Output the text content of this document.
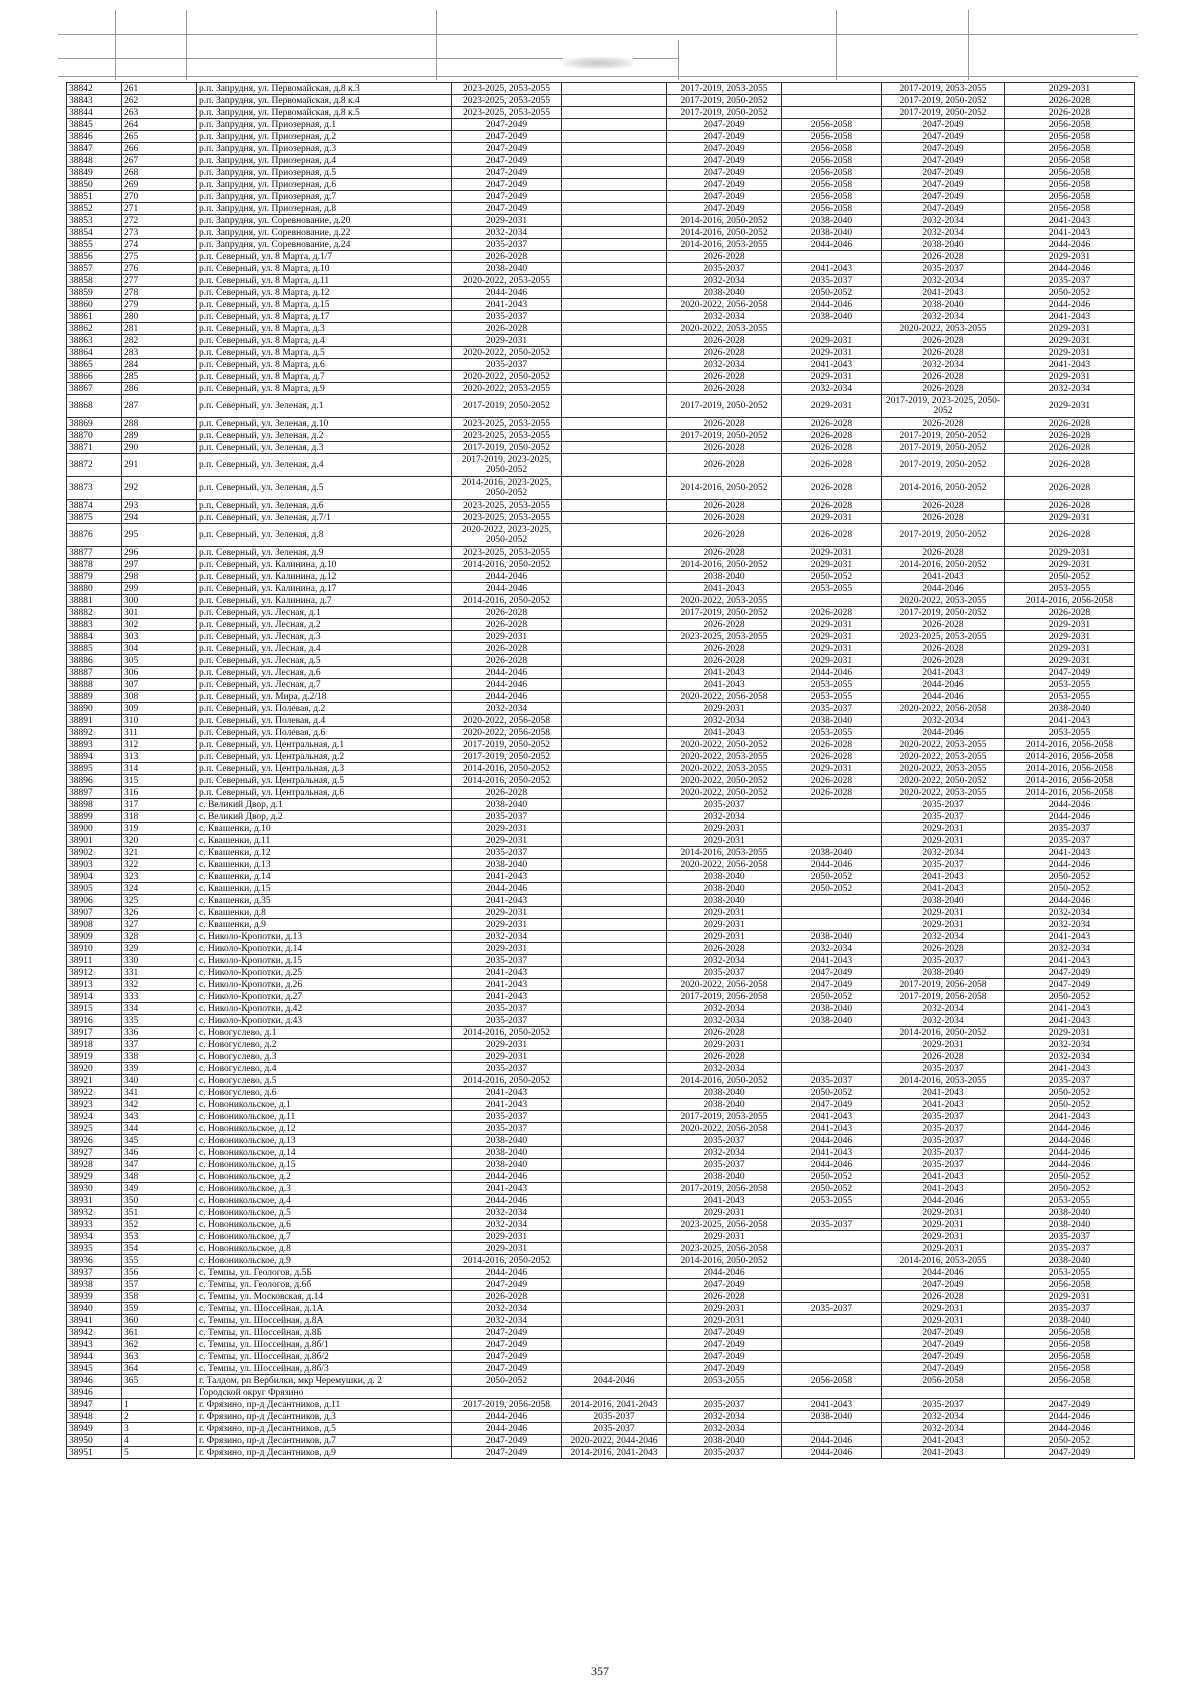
38842	261	р.п. Запрудня, ул. Первомайская, д.8 к.3	2023-2025, 2053-2055		2017-2019, 2053-2055		2017-2019, 2053-2055	2029-2031
38843	262	р.п. Запрудня, ул. Первомайская, д.8 к.4	2023-2025, 2053-2055		2017-2019, 2050-2052		2017-2019, 2050-2052	2026-2028
38844	263	р.п. Запрудня, ул. Первомайская, д.8 к.5	2023-2025, 2053-2055		2017-2019, 2050-2052		2017-2019, 2050-2052	2026-2028
38845	264	р.п. Запрудня, ул. Приозерная, д.1	2047-2049		2047-2049	2056-2058	2047-2049	2056-2058
38846	265	р.п. Запрудня, ул. Приозерная, д.2	2047-2049		2047-2049	2056-2058	2047-2049	2056-2058
38847	266	р.п. Запрудня, ул. Приозерная, д.3	2047-2049		2047-2049	2056-2058	2047-2049	2056-2058
38848	267	р.п. Запрудня, ул. Приозерная, д.4	2047-2049		2047-2049	2056-2058	2047-2049	2056-2058
38849	268	р.п. Запрудня, ул. Приозерная, д.5	2047-2049		2047-2049	2056-2058	2047-2049	2056-2058
38850	269	р.п. Запрудня, ул. Приозерная, д.6	2047-2049		2047-2049	2056-2058	2047-2049	2056-2058
38851	270	р.п. Запрудня, ул. Приозерная, д.7	2047-2049		2047-2049	2056-2058	2047-2049	2056-2058
38852	271	р.п. Запрудня, ул. Приозерная, д.8	2047-2049		2047-2049	2056-2058	2047-2049	2056-2058
38853	272	р.п. Запрудня, ул. Соревнование, д.20	2029-2031		2014-2016, 2050-2052	2038-2040	2032-2034	2041-2043
38854	273	р.п. Запрудня, ул. Соревнование, д.22	2032-2034		2014-2016, 2050-2052	2038-2040	2032-2034	2041-2043
38855	274	р.п. Запрудня, ул. Соревнование, д.24	2035-2037		2014-2016, 2053-2055	2044-2046	2038-2040	2044-2046
38856	275	р.п. Северный, ул. 8 Марта, д.1/7	2026-2028		2026-2028		2026-2028	2029-2031
38857	276	р.п. Северный, ул. 8 Марта, д.10	2038-2040		2035-2037	2041-2043	2035-2037	2044-2046
38858	277	р.п. Северный, ул. 8 Марта, д.11	2020-2022, 2053-2055		2032-2034	2035-2037	2032-2034	2035-2037
38859	278	р.п. Северный, ул. 8 Марта, д.12	2044-2046		2038-2040	2050-2052	2041-2043	2050-2052
38860	279	р.п. Северный, ул. 8 Марта, д.15	2041-2043		2020-2022, 2056-2058	2044-2046	2038-2040	2044-2046
38861	280	р.п. Северный, ул. 8 Марта, д.17	2035-2037		2032-2034	2038-2040	2032-2034	2041-2043
38862	281	р.п. Северный, ул. 8 Марта, д.3	2026-2028		2020-2022, 2053-2055		2020-2022, 2053-2055	2029-2031
38863	282	р.п. Северный, ул. 8 Марта, д.4	2029-2031		2026-2028	2029-2031	2026-2028	2029-2031
38864	283	р.п. Северный, ул. 8 Марта, д.5	2020-2022, 2050-2052		2026-2028	2029-2031	2026-2028	2029-2031
38865	284	р.п. Северный, ул. 8 Марта, д.6	2035-2037		2032-2034	2041-2043	2032-2034	2041-2043
38866	285	р.п. Северный, ул. 8 Марта, д.7	2020-2022, 2050-2052		2026-2028	2029-2031	2026-2028	2029-2031
38867	286	р.п. Северный, ул. 8 Марта, д.9	2020-2022, 2053-2055		2026-2028	2032-2034	2026-2028	2032-2034
38868	287	р.п. Северный, ул. Зеленая, д.1	2017-2019, 2050-2052		2017-2019, 2050-2052	2029-2031	2017-2019, 2023-2025, 2050-2052	2029-2031
38869	288	р.п. Северный, ул. Зеленая, д.10	2023-2025, 2053-2055		2026-2028	2026-2028	2026-2028	2026-2028
38870	289	р.п. Северный, ул. Зеленая, д.2	2023-2025, 2053-2055		2017-2019, 2050-2052	2026-2028	2017-2019, 2050-2052	2026-2028
38871	290	р.п. Северный, ул. Зеленая, д.3	2017-2019, 2050-2052		2026-2028	2026-2028	2017-2019, 2050-2052	2026-2028
38872	291	р.п. Северный, ул. Зеленая, д.4	2017-2019, 2023-2025, 2050-2052		2026-2028	2026-2028	2017-2019, 2050-2052	2026-2028
38873	292	р.п. Северный, ул. Зеленая, д.5	2014-2016, 2023-2025, 2050-2052		2014-2016, 2050-2052	2026-2028	2014-2016, 2050-2052	2026-2028
38874	293	р.п. Северный, ул. Зеленая, д.6	2023-2025, 2053-2055		2026-2028	2026-2028	2026-2028	2026-2028
38875	294	р.п. Северный, ул. Зеленая, д.7/1	2023-2025, 2053-2055		2026-2028	2029-2031	2026-2028	2029-2031
38876	295	р.п. Северный, ул. Зеленая, д.8	2020-2022, 2023-2025, 2050-2052		2026-2028	2026-2028	2017-2019, 2050-2052	2026-2028
38877	296	р.п. Северный, ул. Зеленая, д.9	2023-2025, 2053-2055		2026-2028	2029-2031	2026-2028	2029-2031
38878	297	р.п. Северный, ул. Калинина, д.10	2014-2016, 2050-2052		2014-2016, 2050-2052	2029-2031	2014-2016, 2050-2052	2029-2031
38879	298	р.п. Северный, ул. Калинина, д.12	2044-2046		2038-2040	2050-2052	2041-2043	2050-2052
38880	299	р.п. Северный, ул. Калинина, д.17	2044-2046		2041-2043	2053-2055	2044-2046	2053-2055
38881	300	р.п. Северный, ул. Калинина, д.7	2014-2016, 2050-2052		2020-2022, 2053-2055		2020-2022, 2053-2055	2014-2016, 2056-2058
38882	301	р.п. Северный, ул. Лесная, д.1	2026-2028		2017-2019, 2050-2052	2026-2028	2017-2019, 2050-2052	2026-2028
38883	302	р.п. Северный, ул. Лесная, д.2	2026-2028		2026-2028	2029-2031	2026-2028	2029-2031
38884	303	р.п. Северный, ул. Лесная, д.3	2029-2031		2023-2025, 2053-2055	2029-2031	2023-2025, 2053-2055	2029-2031
38885	304	р.п. Северный, ул. Лесная, д.4	2026-2028		2026-2028	2029-2031	2026-2028	2029-2031
38886	305	р.п. Северный, ул. Лесная, д.5	2026-2028		2026-2028	2029-2031	2026-2028	2029-2031
38887	306	р.п. Северный, ул. Лесная, д.6	2044-2046		2041-2043	2044-2046	2041-2043	2047-2049
38888	307	р.п. Северный, ул. Лесная, д.7	2044-2046		2041-2043	2053-2055	2044-2046	2053-2055
38889	308	р.п. Северный, ул. Мира, д.2/18	2044-2046		2020-2022, 2056-2058	2053-2055	2044-2046	2053-2055
38890	309	р.п. Северный, ул. Полевая, д.2	2032-2034		2029-2031	2035-2037	2020-2022, 2056-2058	2038-2040
38891	310	р.п. Северный, ул. Полевая, д.4	2020-2022, 2056-2058		2032-2034	2038-2040	2032-2034	2041-2043
38892	311	р.п. Северный, ул. Полевая, д.6	2020-2022, 2056-2058		2041-2043	2053-2055	2044-2046	2053-2055
38893	312	р.п. Северный, ул. Центральная, д.1	2017-2019, 2050-2052		2020-2022, 2050-2052	2026-2028	2020-2022, 2053-2055	2014-2016, 2056-2058
38894	313	р.п. Северный, ул. Центральная, д.2	2017-2019, 2050-2052		2020-2022, 2053-2055	2026-2028	2020-2022, 2053-2055	2014-2016, 2056-2058
38895	314	р.п. Северный, ул. Центральная, д.3	2014-2016, 2050-2052		2020-2022, 2053-2055	2029-2031	2020-2022, 2053-2055	2014-2016, 2056-2058
38896	315	р.п. Северный, ул. Центральная, д.5	2014-2016, 2050-2052		2020-2022, 2050-2052	2026-2028	2020-2022, 2050-2052	2014-2016, 2056-2058
38897	316	р.п. Северный, ул. Центральная, д.6	2026-2028		2020-2022, 2050-2052	2026-2028	2020-2022, 2053-2055	2014-2016, 2056-2058
38898	317	с. Великий Двор, д.1	2038-2040		2035-2037		2035-2037	2044-2046
38899	318	с. Великий Двор, д.2	2035-2037		2032-2034		2035-2037	2044-2046
38900	319	с. Квашенки, д.10	2029-2031		2029-2031		2029-2031	2035-2037
38901	320	с. Квашенки, д.11	2029-2031		2029-2031		2029-2031	2035-2037
38902	321	с. Квашенки, д.12	2035-2037		2014-2016, 2053-2055	2038-2040	2032-2034	2041-2043
38903	322	с. Квашенки, д.13	2038-2040		2020-2022, 2056-2058	2044-2046	2035-2037	2044-2046
38904	323	с. Квашенки, д.14	2041-2043		2038-2040	2050-2052	2041-2043	2050-2052
38905	324	с. Квашенки, д.15	2044-2046		2038-2040	2050-2052	2041-2043	2050-2052
38906	325	с. Квашенки, д.35	2041-2043		2038-2040		2038-2040	2044-2046
38907	326	с. Квашенки, д.8	2029-2031		2029-2031		2029-2031	2032-2034
38908	327	с. Квашенки, д.9	2029-2031		2029-2031		2029-2031	2032-2034
38909	328	с. Николо-Кропотки, д.13	2032-2034		2029-2031	2038-2040	2032-2034	2041-2043
38910	329	с. Николо-Кропотки, д.14	2029-2031		2026-2028	2032-2034	2026-2028	2032-2034
38911	330	с. Николо-Кропотки, д.15	2035-2037		2032-2034	2041-2043	2035-2037	2041-2043
38912	331	с. Николо-Кропотки, д.25	2041-2043		2035-2037	2047-2049	2038-2040	2047-2049
38913	332	с. Николо-Кропотки, д.26	2041-2043		2020-2022, 2056-2058	2047-2049	2017-2019, 2056-2058	2047-2049
38914	333	с. Николо-Кропотки, д.27	2041-2043		2017-2019, 2056-2058	2050-2052	2017-2019, 2056-2058	2050-2052
38915	334	с. Николо-Кропотки, д.42	2035-2037		2032-2034	2038-2040	2032-2034	2041-2043
38916	335	с. Николо-Кропотки, д.43	2035-2037		2032-2034	2038-2040	2032-2034	2041-2043
38917	336	с. Новогуслево, д.1	2014-2016, 2050-2052		2026-2028		2014-2016, 2050-2052	2029-2031
38918	337	с. Новогуслево, д.2	2029-2031		2029-2031		2029-2031	2032-2034
38919	338	с. Новогуслево, д.3	2029-2031		2026-2028		2026-2028	2032-2034
38920	339	с. Новогуслево, д.4	2035-2037		2032-2034		2035-2037	2041-2043
38921	340	с. Новогуслево, д.5	2014-2016, 2050-2052		2014-2016, 2050-2052	2035-2037	2014-2016, 2053-2055	2035-2037
38922	341	с. Новогуслево, д.6	2041-2043		2038-2040	2050-2052	2041-2043	2050-2052
38923	342	с. Новоникольское, д.1	2041-2043		2038-2040	2047-2049	2041-2043	2050-2052
38924	343	с. Новоникольское, д.11	2035-2037		2017-2019, 2053-2055	2041-2043	2035-2037	2041-2043
38925	344	с. Новоникольское, д.12	2035-2037		2020-2022, 2056-2058	2041-2043	2035-2037	2044-2046
38926	345	с. Новоникольское, д.13	2038-2040		2035-2037	2044-2046	2035-2037	2044-2046
38927	346	с. Новоникольское, д.14	2038-2040		2032-2034	2041-2043	2035-2037	2044-2046
38928	347	с. Новоникольское, д.15	2038-2040		2035-2037	2044-2046	2035-2037	2044-2046
38929	348	с. Новоникольское, д.2	2044-2046		2038-2040	2050-2052	2041-2043	2050-2052
38930	349	с. Новоникольское, д.3	2041-2043		2017-2019, 2056-2058	2050-2052	2041-2043	2050-2052
38931	350	с. Новоникольское, д.4	2044-2046		2041-2043	2053-2055	2044-2046	2053-2055
38932	351	с. Новоникольское, д.5	2032-2034		2029-2031		2029-2031	2038-2040
38933	352	с. Новоникольское, д.6	2032-2034		2023-2025, 2056-2058	2035-2037	2029-2031	2038-2040
38934	353	с. Новоникольское, д.7	2029-2031		2029-2031		2029-2031	2035-2037
38935	354	с. Новоникольское, д.8	2029-2031		2023-2025, 2056-2058		2029-2031	2035-2037
38936	355	с. Новоникольское, д.9	2014-2016, 2050-2052		2014-2016, 2050-2052		2014-2016, 2053-2055	2038-2040
38937	356	с. Темпы, ул. Геологов, д.5Б	2044-2046		2044-2046		2044-2046	2053-2055
38938	357	с. Темпы, ул. Геологов, д.6б	2047-2049		2047-2049		2047-2049	2056-2058
38939	358	с. Темпы, ул. Московская, д.14	2026-2028		2026-2028		2026-2028	2029-2031
38940	359	с. Темпы, ул. Шоссейная, д.1А	2032-2034		2029-2031	2035-2037	2029-2031	2035-2037
38941	360	с. Темпы, ул. Шоссейная, д.8А	2032-2034		2029-2031		2029-2031	2038-2040
38942	361	с. Темпы, ул. Шоссейная, д.8Б	2047-2049		2047-2049		2047-2049	2056-2058
38943	362	с. Темпы, ул. Шоссейная, д.8б/1	2047-2049		2047-2049		2047-2049	2056-2058
38944	363	с. Темпы, ул. Шоссейная, д.8б/2	2047-2049		2047-2049		2047-2049	2056-2058
38945	364	с. Темпы, ул. Шоссейная, д.8б/3	2047-2049		2047-2049		2047-2049	2056-2058
38946	365	г. Талдом, рп Вербилки, мкр Черемушки, д. 2	2050-2052	2044-2046	2053-2055	2056-2058	2056-2058	2056-2058
38946		Городской округ Фрязино						
38947	1	г. Фрязино, пр-д Десантников, д.11	2017-2019, 2056-2058	2014-2016, 2041-2043	2035-2037	2041-2043	2035-2037	2047-2049
38948	2	г. Фрязино, пр-д Десантников, д.3	2044-2046	2035-2037	2032-2034	2038-2040	2032-2034	2044-2046
38949	3	г. Фрязино, пр-д Десантников, д.5	2044-2046	2035-2037	2032-2034		2032-2034	2044-2046
38950	4	г. Фрязино, пр-д Десантников, д.7	2047-2049	2020-2022, 2044-2046	2038-2040	2044-2046	2041-2043	2050-2052
38951	5	г. Фрязино, пр-д Десантников, д.9	2047-2049	2014-2016, 2041-2043	2035-2037	2044-2046	2041-2043	2047-2049
357
